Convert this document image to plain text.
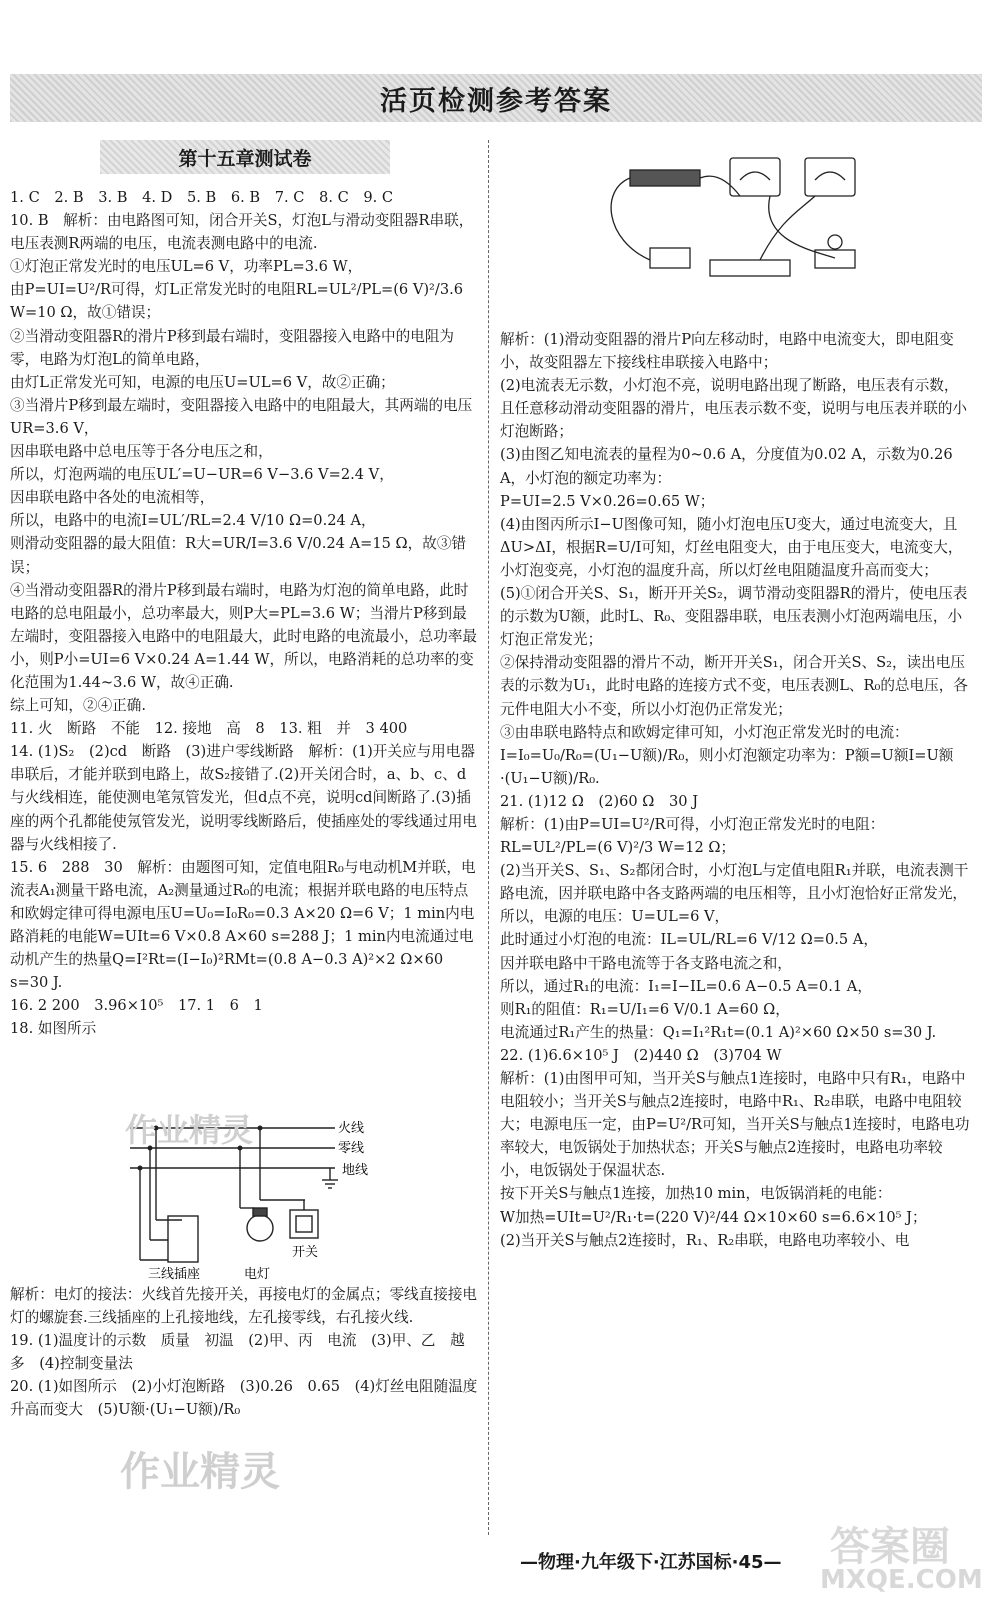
活页检测参考答案
第十五章测试卷

1. C　2. B　3. B　4. D　5. B　6. B　7. C　8. C　9. C

10. B　解析：由电路图可知，闭合开关S，灯泡L与滑动变阻器R串联，电压表测R两端的电压，电流表测电路中的电流.

①灯泡正常发光时的电压UL=6 V，功率PL=3.6 W，

由P=UI=U²/R可得，灯L正常发光时的电阻RL=UL²/PL=(6 V)²/3.6 W=10 Ω，故①错误；

②当滑动变阻器R的滑片P移到最右端时，变阻器接入电路中的电阻为零，电路为灯泡L的简单电路，

由灯L正常发光可知，电源的电压U=UL=6 V，故②正确；

③当滑片P移到最左端时，变阻器接入电路中的电阻最大，其两端的电压UR=3.6 V，

因串联电路中总电压等于各分电压之和，

所以，灯泡两端的电压UL′=U−UR=6 V−3.6 V=2.4 V，

因串联电路中各处的电流相等，

所以，电路中的电流I=UL′/RL=2.4 V/10 Ω=0.24 A，

则滑动变阻器的最大阻值：R大=UR/I=3.6 V/0.24 A=15 Ω，故③错误；

④当滑动变阻器R的滑片P移到最右端时，电路为灯泡的简单电路，此时电路的总电阻最小，总功率最大，则P大=PL=3.6 W；当滑片P移到最左端时，变阻器接入电路中的电阻最大，此时电路的电流最小，总功率最小，则P小=UI=6 V×0.24 A=1.44 W，所以，电路消耗的总功率的变化范围为1.44~3.6 W，故④正确.

综上可知，②④正确.

11. 火　断路　不能　12. 接地　高　8　13. 粗　并　3 400

14. (1)S₂　(2)cd　断路　(3)进户零线断路　解析：(1)开关应与用电器串联后，才能并联到电路上，故S₂接错了.(2)开关闭合时，a、b、c、d与火线相连，能使测电笔氖管发光，但d点不亮，说明cd间断路了.(3)插座的两个孔都能使氖管发光，说明零线断路后，使插座处的零线通过用电器与火线相接了.

15. 6　288　30　解析：由题图可知，定值电阻R₀与电动机M并联，电流表A₁测量干路电流，A₂测量通过R₀的电流；根据并联电路的电压特点和欧姆定律可得电源电压U=U₀=I₀R₀=0.3 A×20 Ω=6 V；1 min内电路消耗的电能W=UIt=6 V×0.8 A×60 s=288 J；1 min内电流通过电动机产生的热量Q=I²Rt=(I−I₀)²RMt=(0.8 A−0.3 A)²×2 Ω×60 s=30 J.

16. 2 200　3.96×10⁵　17. 1　6　1

18. 如图所示

火线
零线
地线
三线插座	电灯
开关

解析：电灯的接法：火线首先接开关，再接电灯的金属点；零线直接接电灯的螺旋套.三线插座的上孔接地线，左孔接零线，右孔接火线.

19. (1)温度计的示数　质量　初温　(2)甲、丙　电流　(3)甲、乙　越多　(4)控制变量法

20. (1)如图所示　(2)小灯泡断路　(3)0.26　0.65　(4)灯丝电阻随温度升高而变大　(5)U额·(U₁−U额)/R₀

解析：(1)滑动变阻器的滑片P向左移动时，电路中电流变大，即电阻变小，故变阻器左下接线柱串联接入电路中；

(2)电流表无示数，小灯泡不亮，说明电路出现了断路，电压表有示数，且任意移动滑动变阻器的滑片，电压表示数不变，说明与电压表并联的小灯泡断路；

(3)由图乙知电流表的量程为0~0.6 A，分度值为0.02 A，示数为0.26 A，小灯泡的额定功率为：

P=UI=2.5 V×0.26=0.65 W；

(4)由图丙所示I−U图像可知，随小灯泡电压U变大，通过电流变大，且ΔU>ΔI，根据R=U/I可知，灯丝电阻变大，由于电压变大，电流变大，小灯泡变亮，小灯泡的温度升高，所以灯丝电阻随温度升高而变大；

(5)①闭合开关S、S₁，断开开关S₂，调节滑动变阻器R的滑片，使电压表的示数为U额，此时L、R₀、变阻器串联，电压表测小灯泡两端电压，小灯泡正常发光；

②保持滑动变阻器的滑片不动，断开开关S₁，闭合开关S、S₂，读出电压表的示数为U₁，此时电路的连接方式不变，电压表测L、R₀的总电压，各元件电阻大小不变，所以小灯泡仍正常发光；

③由串联电路特点和欧姆定律可知，小灯泡正常发光时的电流：I=I₀=U₀/R₀=(U₁−U额)/R₀，则小灯泡额定功率为：P额=U额I=U额·(U₁−U额)/R₀.

21. (1)12 Ω　(2)60 Ω　30 J

解析：(1)由P=UI=U²/R可得，小灯泡正常发光时的电阻：

RL=UL²/PL=(6 V)²/3 W=12 Ω；

(2)当开关S、S₁、S₂都闭合时，小灯泡L与定值电阻R₁并联，电流表测干路电流，因并联电路中各支路两端的电压相等，且小灯泡恰好正常发光，

所以，电源的电压：U=UL=6 V，

此时通过小灯泡的电流：IL=UL/RL=6 V/12 Ω=0.5 A，

因并联电路中干路电流等于各支路电流之和，

所以，通过R₁的电流：I₁=I−IL=0.6 A−0.5 A=0.1 A，

则R₁的阻值：R₁=U/I₁=6 V/0.1 A=60 Ω，

电流通过R₁产生的热量：Q₁=I₁²R₁t=(0.1 A)²×60 Ω×50 s=30 J.

22. (1)6.6×10⁵ J　(2)440 Ω　(3)704 W

解析：(1)由图甲可知，当开关S与触点1连接时，电路中只有R₁，电路中电阻较小；当开关S与触点2连接时，电路中R₁、R₂串联，电路中电阻较大；电源电压一定，由P=U²/R可知，当开关S与触点1连接时，电路电功率较大，电饭锅处于加热状态；开关S与触点2连接时，电路电功率较小，电饭锅处于保温状态.

按下开关S与触点1连接，加热10 min，电饭锅消耗的电能：

W加热=UIt=U²/R₁·t=(220 V)²/44 Ω×10×60 s=6.6×10⁵ J；

(2)当开关S与触点2连接时，R₁、R₂串联，电路电功率较小、电

作业精灵
作业精灵
答案圈
MXQE.COM
—物理·九年级下·江苏国标·45—
